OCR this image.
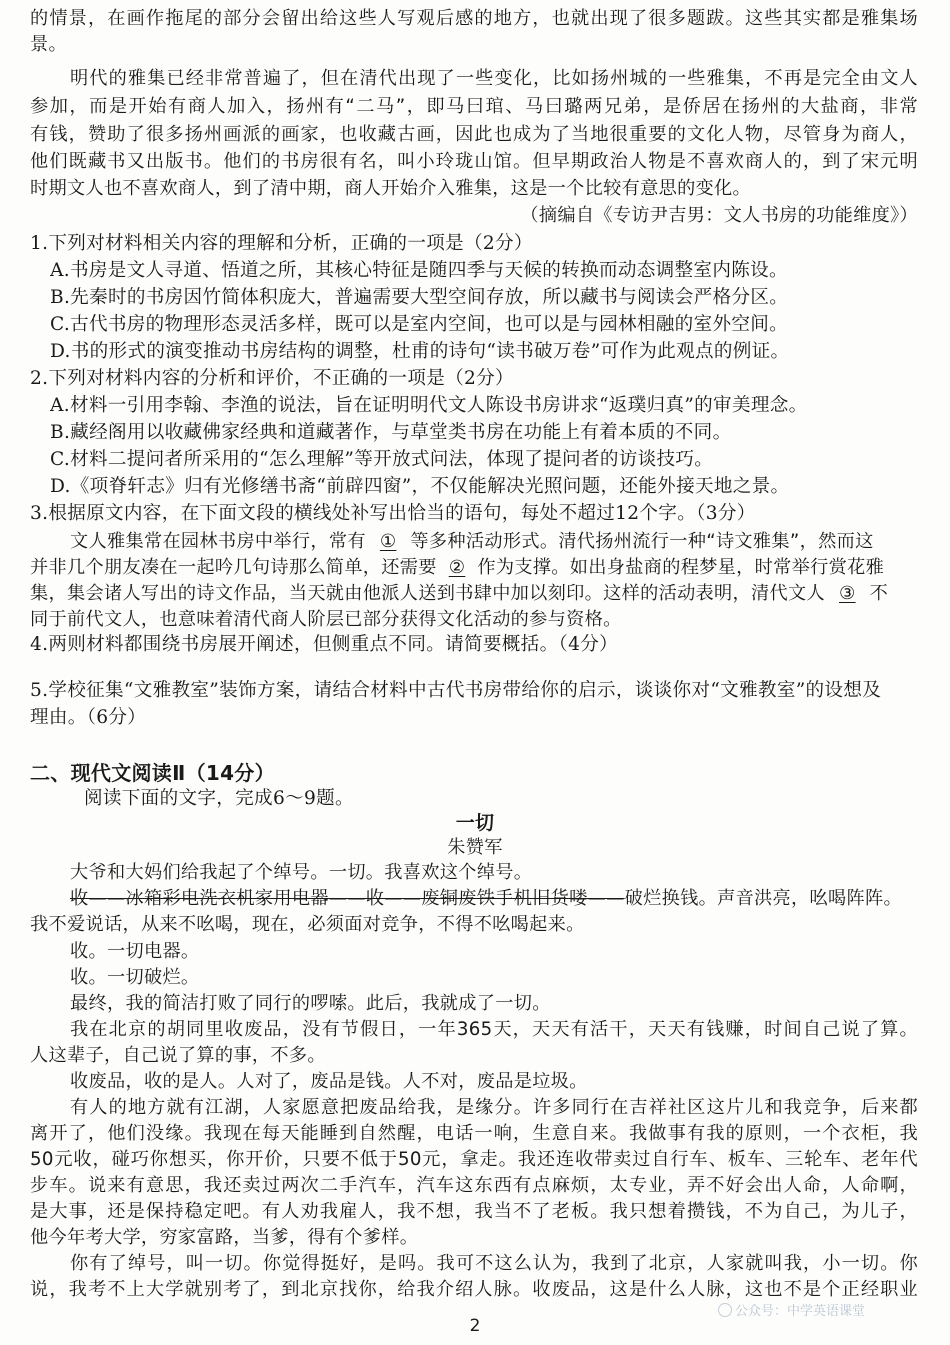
的情景，在画作拖尾的部分会留出给这些人写观后感的地方，也就出现了很多题跋。这些其实都是雅集场
景。
明代的雅集已经非常普遍了，但在清代出现了一些变化，比如扬州城的一些雅集，不再是完全由文人
参加，而是开始有商人加入，扬州有“二马”，即马曰琯、马曰璐两兄弟，是侨居在扬州的大盐商，非常
有钱，赞助了很多扬州画派的画家，也收藏古画，因此也成为了当地很重要的文化人物，尽管身为商人，
他们既藏书又出版书。他们的书房很有名，叫小玲珑山馆。但早期政治人物是不喜欢商人的，到了宋元明
时期文人也不喜欢商人，到了清中期，商人开始介入雅集，这是一个比较有意思的变化。
（摘编自《专访尹吉男：文人书房的功能维度》）
1.下列对材料相关内容的理解和分析，正确的一项是（2分）
A.书房是文人寻道、悟道之所，其核心特征是随四季与天候的转换而动态调整室内陈设。
B.先秦时的书房因竹简体积庞大，普遍需要大型空间存放，所以藏书与阅读会严格分区。
C.古代书房的物理形态灵活多样，既可以是室内空间，也可以是与园林相融的室外空间。
D.书的形式的演变推动书房结构的调整，杜甫的诗句“读书破万卷”可作为此观点的例证。
2.下列对材料内容的分析和评价，不正确的一项是（2分）
A.材料一引用李翰、李渔的说法，旨在证明明代文人陈设书房讲求“返璞归真”的审美理念。
B.藏经阁用以收藏佛家经典和道藏著作，与草堂类书房在功能上有着本质的不同。
C.材料二提问者所采用的“怎么理解”等开放式问法，体现了提问者的访谈技巧。
D.《项脊轩志》归有光修缮书斋“前辟四窗”，不仅能解决光照问题，还能外接天地之景。
3.根据原文内容，在下面文段的横线处补写出恰当的语句，每处不超过12个字。（3分）
文人雅集常在园林书房中举行，常有 ① 等多种活动形式。清代扬州流行一种“诗文雅集”，然而这
并非几个朋友凑在一起吟几句诗那么简单，还需要 ② 作为支撑。如出身盐商的程梦星，时常举行赏花雅
集，集会诸人写出的诗文作品，当天就由他派人送到书肆中加以刻印。这样的活动表明，清代文人 ③ 不
同于前代文人，也意味着清代商人阶层已部分获得文化活动的参与资格。
4.两则材料都围绕书房展开阐述，但侧重点不同。请简要概括。（4分）
5.学校征集“文雅教室”装饰方案，请结合材料中古代书房带给你的启示，谈谈你对“文雅教室”的设想及
理由。（6分）
二、现代文阅读Ⅱ（14分）
阅读下面的文字，完成6～9题。
一切
朱赞军
大爷和大妈们给我起了个绰号。一切。我喜欢这个绰号。
收——冰箱彩电洗衣机家用电器——收——废铜废铁手机旧货喽——破烂换钱。声音洪亮，吆喝阵阵。
我不爱说话，从来不吆喝，现在，必须面对竞争，不得不吆喝起来。
收。一切电器。
收。一切破烂。
最终，我的简洁打败了同行的啰嗦。此后，我就成了一切。
我在北京的胡同里收废品，没有节假日，一年365天，天天有活干，天天有钱赚，时间自己说了算。
人这辈子，自己说了算的事，不多。
收废品，收的是人。人对了，废品是钱。人不对，废品是垃圾。
有人的地方就有江湖，人家愿意把废品给我，是缘分。许多同行在吉祥社区这片儿和我竞争，后来都
离开了，他们没缘。我现在每天能睡到自然醒，电话一响，生意自来。我做事有我的原则，一个衣柜，我
50元收，碰巧你想买，你开价，只要不低于50元，拿走。我还连收带卖过自行车、板车、三轮车、老年代
步车。说来有意思，我还卖过两次二手汽车，汽车这东西有点麻烦，太专业，弄不好会出人命，人命啊，
是大事，还是保持稳定吧。有人劝我雇人，我不想，我当不了老板。我只想着攒钱，不为自己，为儿子，
他今年考大学，穷家富路，当爹，得有个爹样。
你有了绰号，叫一切。你觉得挺好，是吗。我可不这么认为，我到了北京，人家就叫我，小一切。你
说，我考不上大学就别考了，到北京找你，给我介绍人脉。收废品，这是什么人脉，这也不是个正经职业
公众号：中学英语课堂
2
